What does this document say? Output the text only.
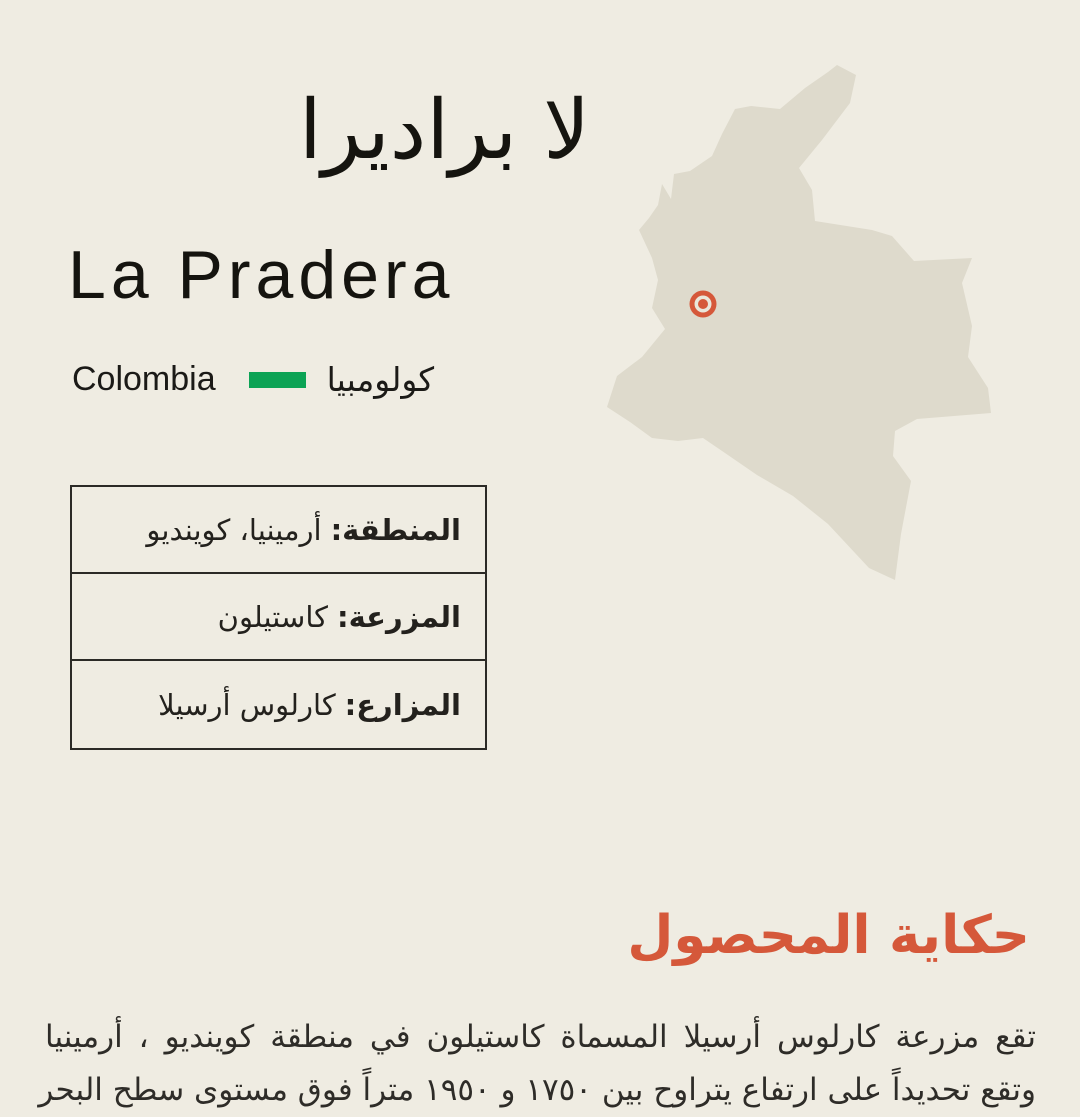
لا براديرا
La Pradera
Colombia	كولومبيا
المنطقة:
أرمينيا، كوينديو
المزرعة:
كاستيلون
المزارع:
كارلوس أرسيلا
حكاية المحصول
تقع مزرعة كارلوس أرسيلا المسماة كاستيلون في منطقة كوينديو ، أرمينيا
وتقع تحديداً على ارتفاع يتراوح بين ١٧٥٠ و ١٩٥٠ متراً فوق مستوى سطح البحر
